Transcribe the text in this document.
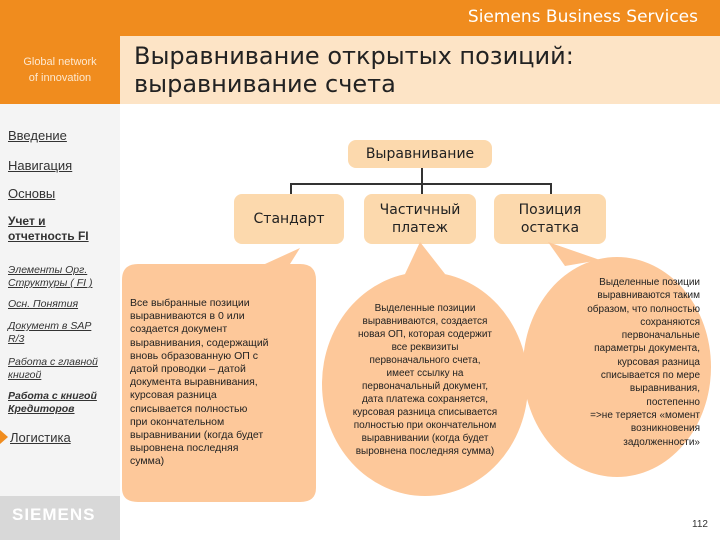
Siemens Business Services
Global network
of innovation
Выравнивание открытых позиций:
выравнивание счета
Введение
Навигация
Основы
Учет и
отчетность FI
Элементы Орг.
Структуры ( FI )
Осн. Понятия
Документ в SAP
R/3
Работа с главной
книгой
Работа с книгой
Кредиторов
Логистика
SIEMENS
Выравнивание
Стандарт
Частичный
платеж
Позиция
остатка
Все выбранные позиции
выравниваются в 0 или
создается документ
выравнивания, содержащий
вновь образованную ОП с
датой проводки – датой
документа выравнивания,
курсовая разница
списывается полностью
при окончательном
выравнивании (когда будет
выровнена последняя
сумма)
Выделенные позиции
выравниваются, создается
новая ОП, которая содержит
все реквизиты
первоначального счета,
имеет ссылку на
первоначальный документ,
дата платежа сохраняется,
курсовая разница списывается
полностью при окончательном
выравнивании (когда будет
выровнена последняя сумма)
Выделенные позиции
выравниваются таким
образом, что полностью
сохраняются
первоначальные
параметры документа,
курсовая разница
списывается по мере
выравнивания,
постепенно
=>не теряется «момент
возникновения
задолженности»
112
